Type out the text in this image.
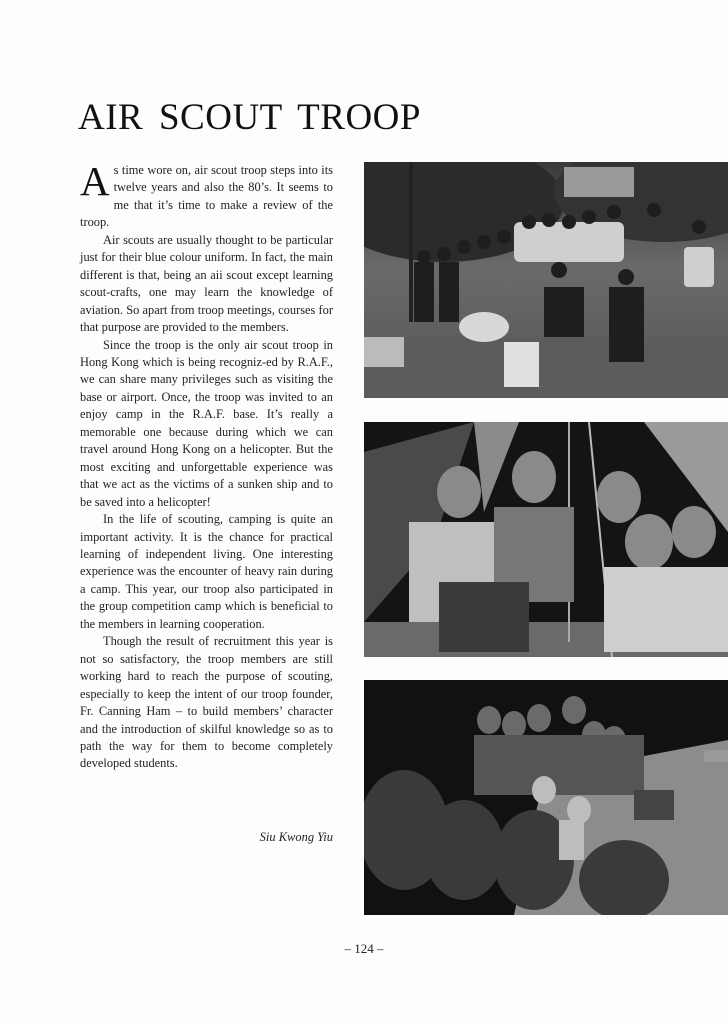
AIR SCOUT TROOP

As time wore on, air scout troop steps into its twelve years and also the 80’s. It seems to me that it’s time to make a review of the troop.

Air scouts are usually thought to be particular just for their blue colour uniform. In fact, the main different is that, being an aii scout except learning scout-crafts, one may learn the knowledge of aviation. So apart from troop meetings, courses for that purpose are provided to the members.

Since the troop is the only air scout troop in Hong Kong which is being recogniz-ed by R.A.F., we can share many privileges such as visiting the base or airport. Once, the troop was invited to an enjoy camp in the R.A.F. base. It’s really a memorable one because during which we can travel around Hong Kong on a helicopter. But the most exciting and unforgettable experience was that we act as the victims of a sunken ship and to be saved into a helicopter!

In the life of scouting, camping is quite an important activity. It is the chance for practical learning of independent living. One interesting experience was the encounter of heavy rain during a camp. This year, our troop also participated in the group competition camp which is beneficial to the members in learning cooperation.

Though the result of recruitment this year is not so satisfactory, the troop members are still working hard to reach the purpose of scouting, especially to keep the intent of our troop founder, Fr. Canning Ham – to build members’ character and the introduction of skilful knowledge so as to path the way for them to become completely developed students.

Siu Kwong Yiu
– 124 –
